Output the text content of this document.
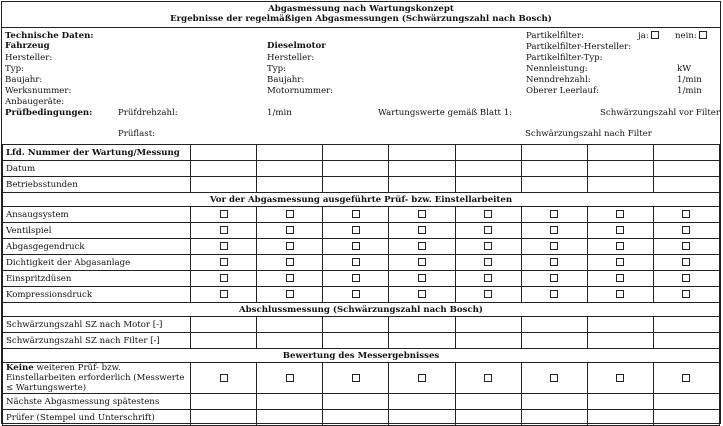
Abgasmessung nach Wartungskonzept
Ergebnisse der regelmäßigen Abgasmessungen (Schwärzungszahl nach Bosch)
Technische Daten:
Fahrzeug
Hersteller:
Typ:
Baujahr:
Werksnummer:
Anbaugeräte:
Dieselmotor
Hersteller:
Typ:
Baujahr:
Motornummer:
Partikelfilter:	ja:	nein:
Partikelfilter-Hersteller:
Partikelfilter-Typ:
Nennleistung:	kW
Nenndrehzahl:	1/min
Oberer Leerlauf:	1/min
Prüfbedingungen:	Prüfdrehzahl:	1/min	Wartungswerte gemäß Blatt 1:	Schwärzungszahl vor Filter
Prüflast:	Schwärzungszahl nach Filter
Lfd. Nummer der Wartung/Messung								
Datum								
Betriebsstunden								
Vor der Abgasmessung ausgeführte Prüf- bzw. Einstellarbeiten								
Ansaugsystem								
Ventilspiel								
Abgasgegendruck								
Dichtigkeit der Abgasanlage								
Einspritzdüsen								
Kompressionsdruck								
Abschlussmessung (Schwärzungszahl nach Bosch)								
Schwärzungszahl SZ nach Motor [-]								
Schwärzungszahl SZ nach Filter [-]								
Bewertung des Messergebnisses								
Keine weiteren Prüf- bzw. Einstellarbeiten erforderlich (Messwerte ≤ Wartungswerte)								
Nächste Abgasmessung spätestens								
Prüfer (Stempel und Unterschrift)								
